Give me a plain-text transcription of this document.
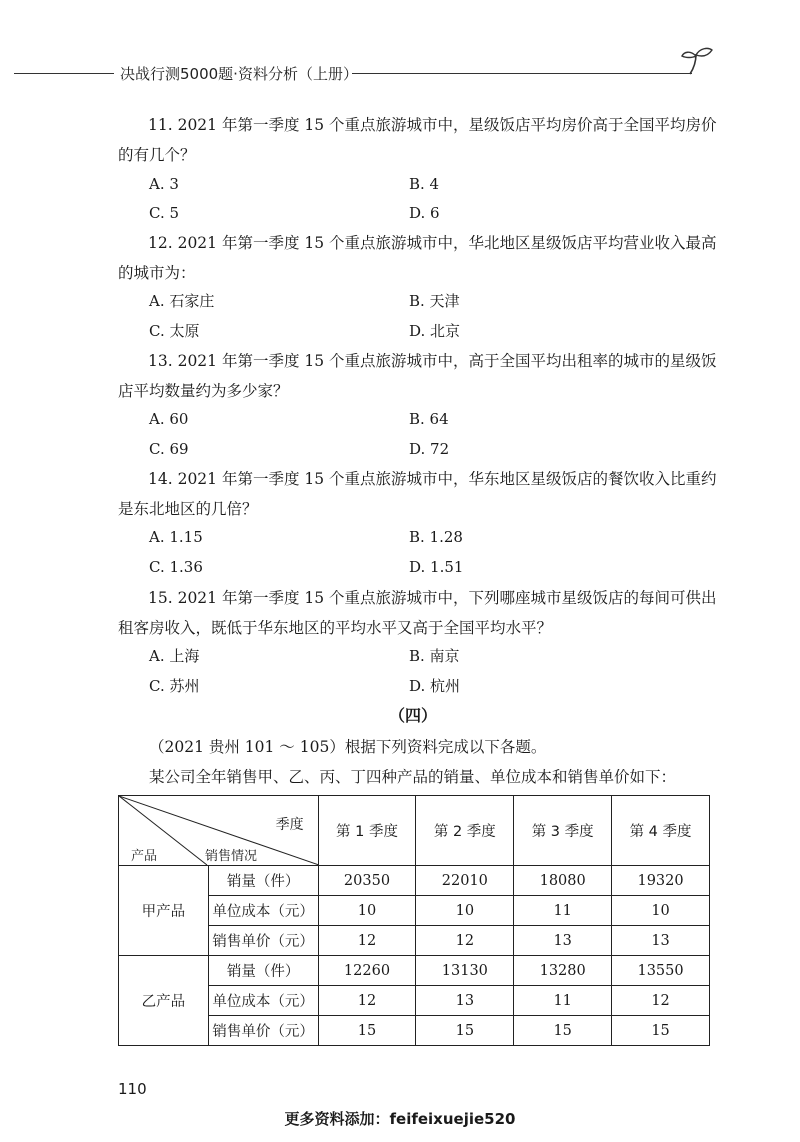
决战行测5000题·资料分析（上册）
11. 2021 年第一季度 15 个重点旅游城市中，星级饭店平均房价高于全国平均房价的有几个？
A. 3	B. 4
C. 5	D. 6
12. 2021 年第一季度 15 个重点旅游城市中，华北地区星级饭店平均营业收入最高的城市为：
A. 石家庄	B. 天津
C. 太原	D. 北京
13. 2021 年第一季度 15 个重点旅游城市中，高于全国平均出租率的城市的星级饭店平均数量约为多少家？
A. 60	B. 64
C. 69	D. 72
14. 2021 年第一季度 15 个重点旅游城市中，华东地区星级饭店的餐饮收入比重约是东北地区的几倍？
A. 1.15	B. 1.28
C. 1.36	D. 1.51
15. 2021 年第一季度 15 个重点旅游城市中，下列哪座城市星级饭店的每间可供出租客房收入，既低于华东地区的平均水平又高于全国平均水平？
A. 上海	B. 南京
C. 苏州	D. 杭州
（四）
（2021 贵州 101 ～ 105）根据下列资料完成以下各题。
某公司全年销售甲、乙、丙、丁四种产品的销量、单位成本和销售单价如下：
季度
销售情况
产品		第 1 季度	第 2 季度	第 3 季度	第 4 季度
甲产品	销量（件）	20350	22010	18080	19320
	单位成本（元）	10	10	11	10
	销售单价（元）	12	12	13	13
乙产品	销量（件）	12260	13130	13280	13550
	单位成本（元）	12	13	11	12
	销售单价（元）	15	15	15	15
110
更多资料添加：feifeixuejie520
